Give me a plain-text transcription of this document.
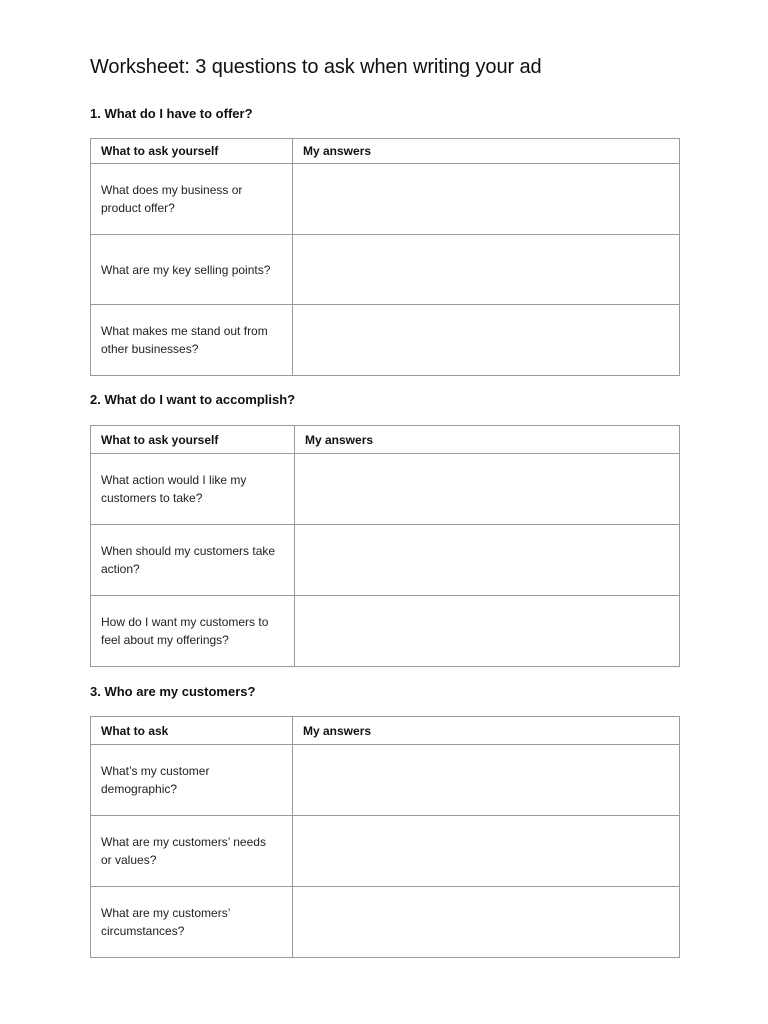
Worksheet: 3 questions to ask when writing your ad
1. What do I have to offer?
What to ask yourself	My answers
What does my business or product offer?	
What are my key selling points?	
What makes me stand out from other businesses?	
2. What do I want to accomplish?
What to ask yourself	My answers
What action would I like my customers to take?	
When should my customers take action?	
How do I want my customers to feel about my offerings?	
3. Who are my customers?
What to ask	My answers
What’s my customer demographic?	
What are my customers’ needs or values?	
What are my customers’ circumstances?	
